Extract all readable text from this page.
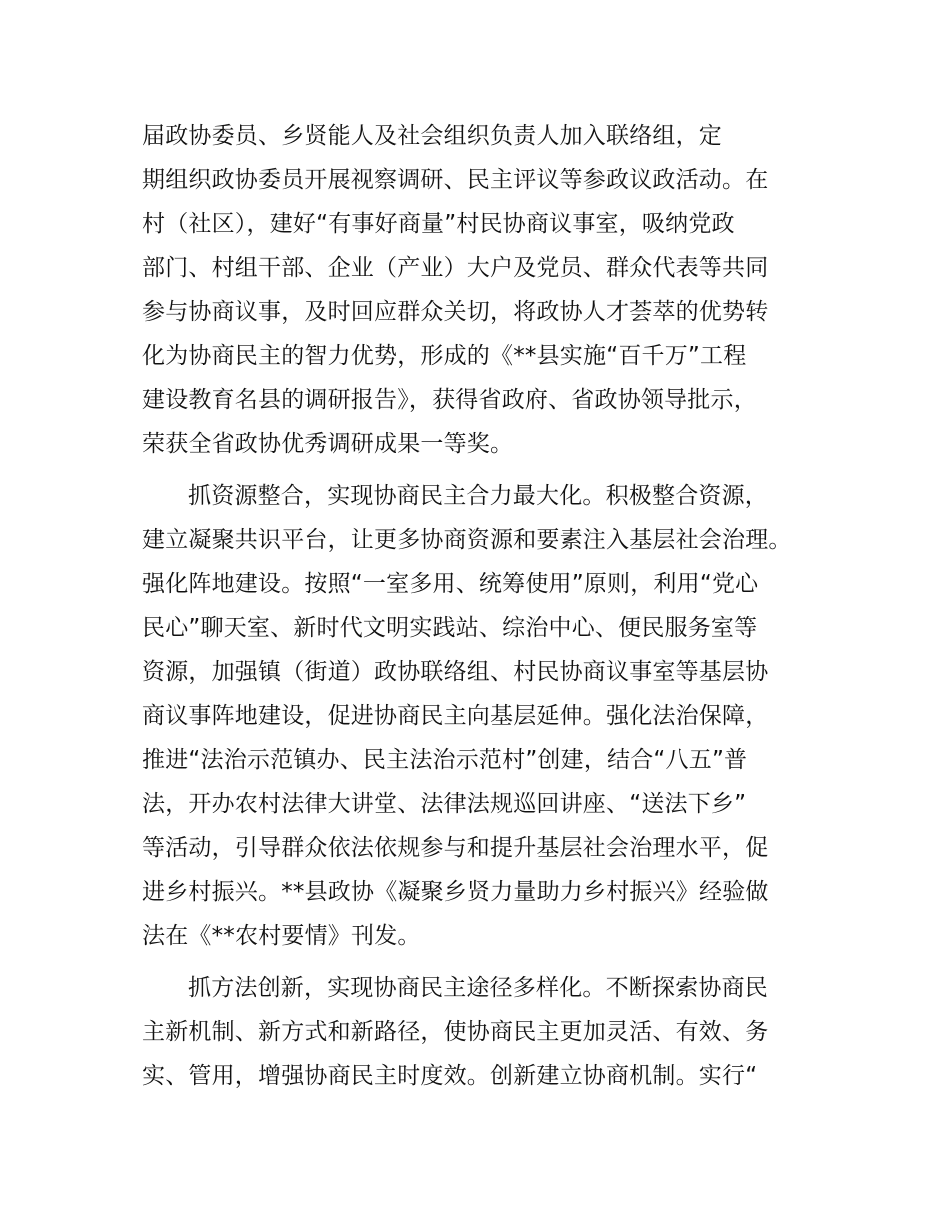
届政协委员、乡贤能人及社会组织负责人加入联络组，定
期组织政协委员开展视察调研、民主评议等参政议政活动。在
村（社区），建好“有事好商量”村民协商议事室，吸纳党政
部门、村组干部、企业（产业）大户及党员、群众代表等共同
参与协商议事，及时回应群众关切，将政协人才荟萃的优势转
化为协商民主的智力优势，形成的《**县实施“百千万”工程
建设教育名县的调研报告》，获得省政府、省政协领导批示，
荣获全省政协优秀调研成果一等奖。
抓资源整合，实现协商民主合力最大化。积极整合资源，
建立凝聚共识平台，让更多协商资源和要素注入基层社会治理。
强化阵地建设。按照“一室多用、统筹使用”原则，利用“党心
民心”聊天室、新时代文明实践站、综治中心、便民服务室等
资源，加强镇（街道）政协联络组、村民协商议事室等基层协
商议事阵地建设，促进协商民主向基层延伸。强化法治保障，
推进“法治示范镇办、民主法治示范村”创建，结合“八五”普
法，开办农村法律大讲堂、法律法规巡回讲座、“送法下乡”
等活动，引导群众依法依规参与和提升基层社会治理水平，促
进乡村振兴。**县政协《凝聚乡贤力量助力乡村振兴》经验做
法在《**农村要情》刊发。
抓方法创新，实现协商民主途径多样化。不断探索协商民
主新机制、新方式和新路径，使协商民主更加灵活、有效、务
实、管用，增强协商民主时度效。创新建立协商机制。实行“
